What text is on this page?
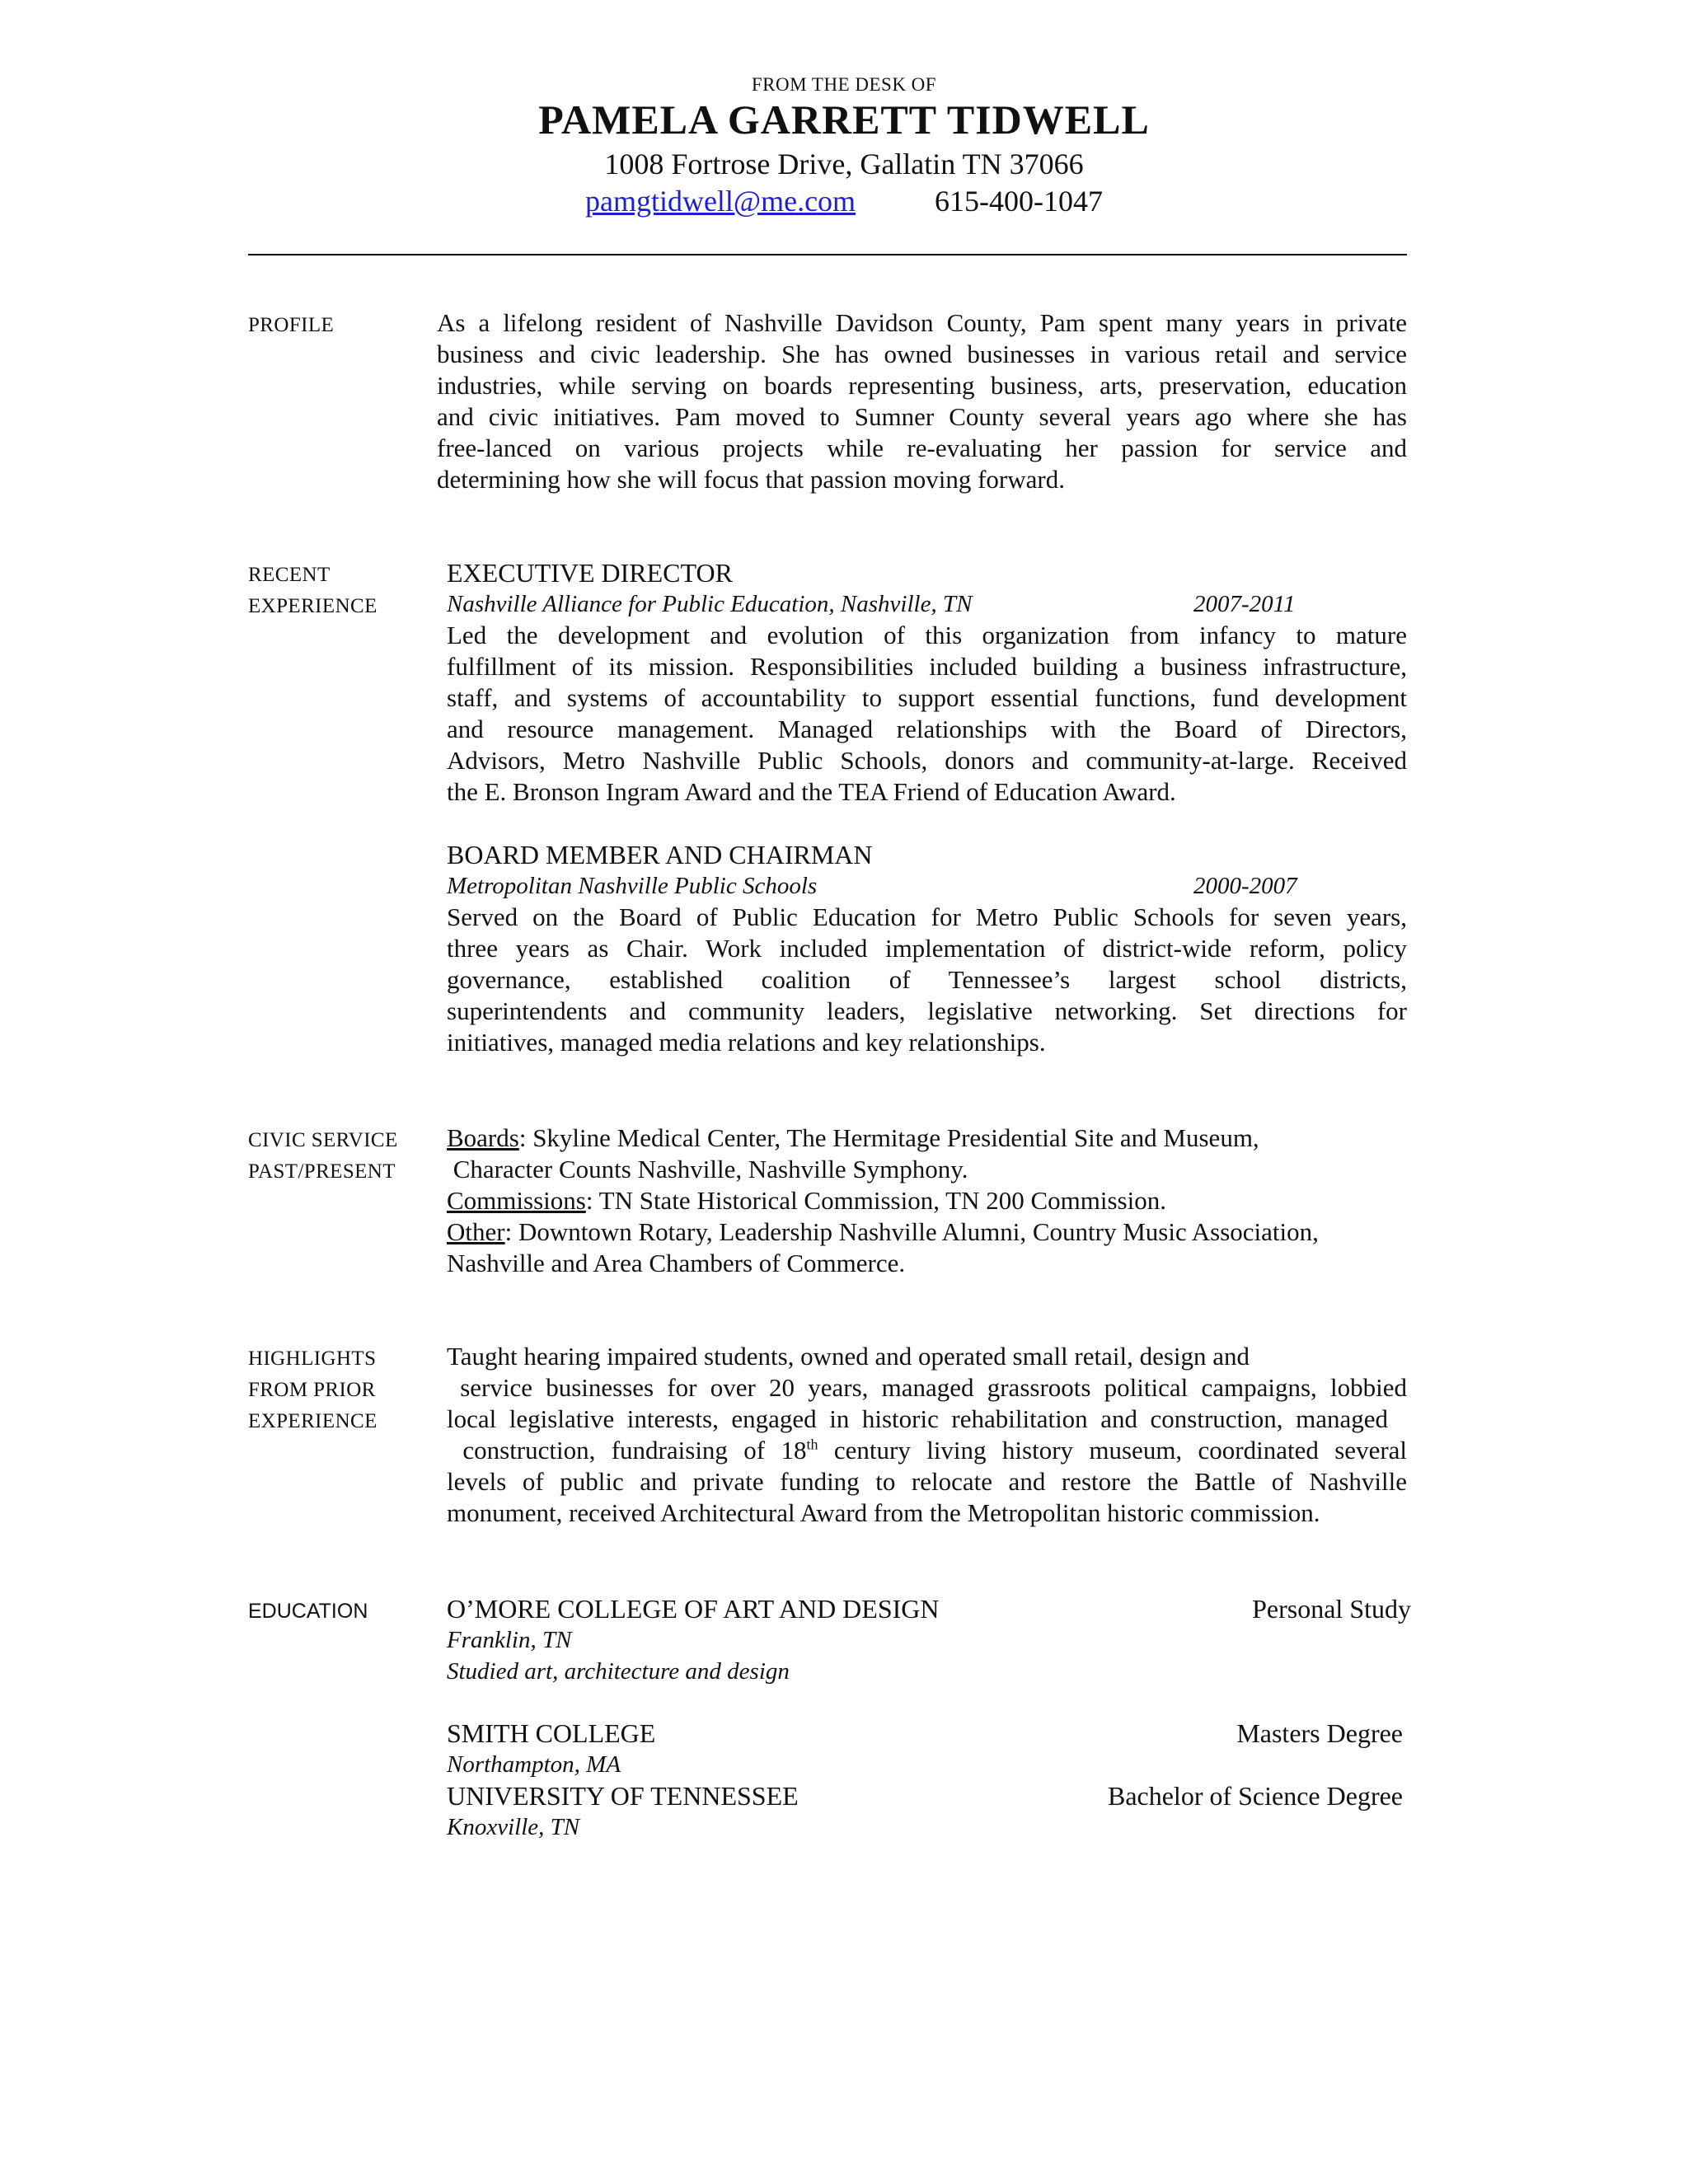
FROM THE DESK OF
PAMELA GARRETT TIDWELL
1008 Fortrose Drive, Gallatin TN 37066
pamgtidwell@me.com	615-400-1047
PROFILE	As a lifelong resident of Nashville Davidson County, Pam spent many years in private
business and civic leadership. She has owned businesses in various retail and service
industries, while serving on boards representing business, arts, preservation, education
and civic initiatives. Pam moved to Sumner County several years ago where she has
free-lanced on various projects while re-evaluating her passion for service and
determining how she will focus that passion moving forward.
RECENT
EXPERIENCE
EXECUTIVE DIRECTOR
Nashville Alliance for Public Education, Nashville, TN	2007-2011
Led the development and evolution of this organization from infancy to mature
fulfillment of its mission. Responsibilities included building a business infrastructure,
staff, and systems of accountability to support essential functions, fund development
and resource management. Managed relationships with the Board of Directors,
Advisors, Metro Nashville Public Schools, donors and community-at-large. Received
the E. Bronson Ingram Award and the TEA Friend of Education Award.
BOARD MEMBER AND CHAIRMAN
Metropolitan Nashville Public Schools	2000-2007
Served on the Board of Public Education for Metro Public Schools for seven years,
three years as Chair. Work included implementation of district-wide reform, policy
governance, established coalition of Tennessee’s largest school districts,
superintendents and community leaders, legislative networking. Set directions for
initiatives, managed media relations and key relationships.
CIVIC SERVICE
PAST/PRESENT
Boards: Skyline Medical Center, The Hermitage Presidential Site and Museum,
Character Counts Nashville, Nashville Symphony.
Commissions: TN State Historical Commission, TN 200 Commission.
Other: Downtown Rotary, Leadership Nashville Alumni, Country Music Association,
Nashville and Area Chambers of Commerce.
HIGHLIGHTS
FROM PRIOR
EXPERIENCE
Taught hearing impaired students, owned and operated small retail, design and
service businesses for over 20 years, managed grassroots political campaigns, lobbied
local legislative interests, engaged in historic rehabilitation and construction, managed
construction, fundraising of 18th century living history museum, coordinated several
levels of public and private funding to relocate and restore the Battle of Nashville
monument, received Architectural Award from the Metropolitan historic commission.
EDUCATION	O’MORE COLLEGE OF ART AND DESIGN	Personal Study
Franklin, TN
Studied art, architecture and design
SMITH COLLEGE	Masters Degree
Northampton, MA
UNIVERSITY OF TENNESSEE	Bachelor of Science Degree
Knoxville, TN
